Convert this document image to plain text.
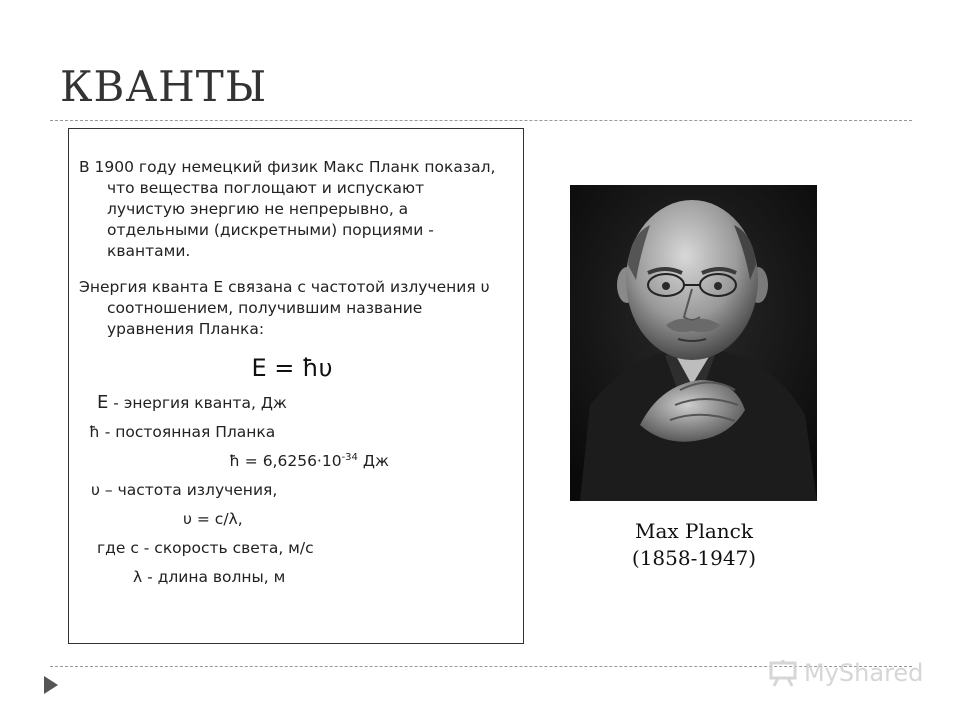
КВАНТЫ

В 1900 году немецкий физик Макс Планк показал, что вещества поглощают и испускают лучистую энергию не непрерывно, а отдельными (дискретными) порциями - квантами.

Энергия кванта Е связана с частотой излучения υ соотношением, получившим название уравнения Планка:

E = ħυ
E - энергия кванта, Дж
ħ - постоянная Планка
ħ = $6,6256\cdot 10^{-34}$ Дж
υ – частота излучения,
υ = с/λ,
где с - скорость света, м/с
λ - длина волны, м
Max Planck
(1858-1947)
MyShared
